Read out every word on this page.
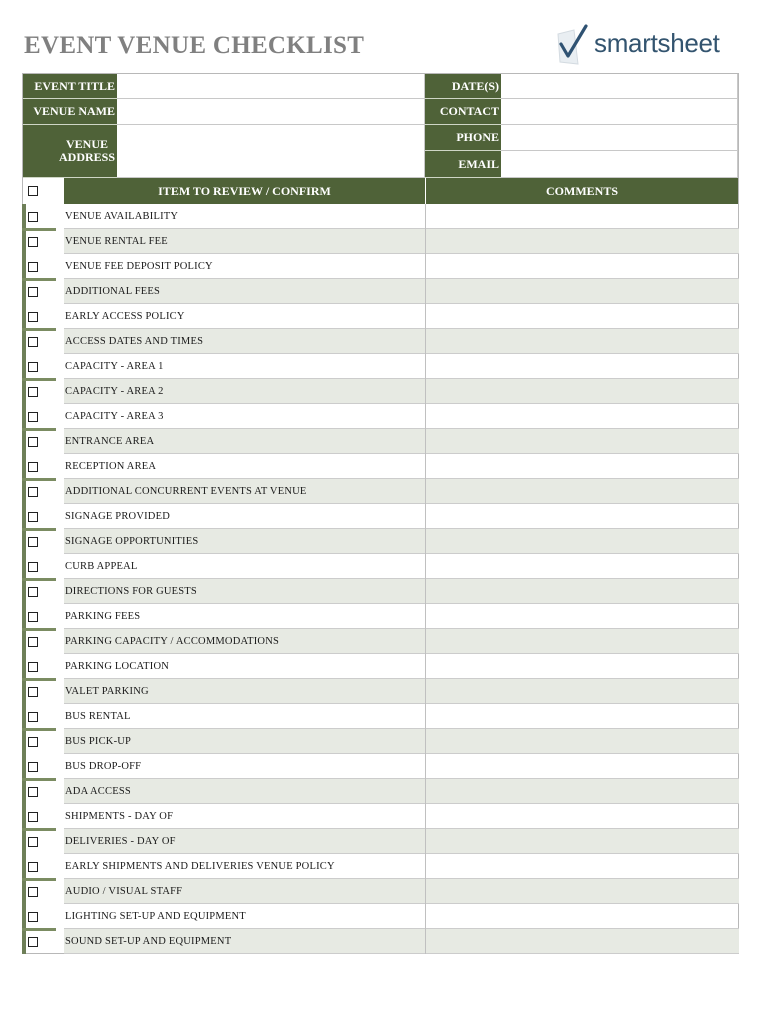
EVENT VENUE CHECKLIST	smartsheet
EVENT TITLE
VENUE NAME
VENUE ADDRESS
DATE(S)
CONTACT
PHONE
EMAIL
ITEM TO REVIEW / CONFIRM	COMMENTS
VENUE AVAILABILITY
VENUE RENTAL FEE
VENUE FEE DEPOSIT POLICY
ADDITIONAL FEES
EARLY ACCESS POLICY
ACCESS DATES AND TIMES
CAPACITY - AREA 1
CAPACITY - AREA 2
CAPACITY - AREA 3
ENTRANCE AREA
RECEPTION AREA
ADDITIONAL CONCURRENT EVENTS AT VENUE
SIGNAGE PROVIDED
SIGNAGE OPPORTUNITIES
CURB APPEAL
DIRECTIONS FOR GUESTS
PARKING FEES
PARKING CAPACITY / ACCOMMODATIONS
PARKING LOCATION
VALET PARKING
BUS RENTAL
BUS PICK-UP
BUS DROP-OFF
ADA ACCESS
SHIPMENTS - DAY OF
DELIVERIES - DAY OF
EARLY SHIPMENTS AND DELIVERIES VENUE POLICY
AUDIO / VISUAL STAFF
LIGHTING SET-UP AND EQUIPMENT
SOUND SET-UP AND EQUIPMENT
